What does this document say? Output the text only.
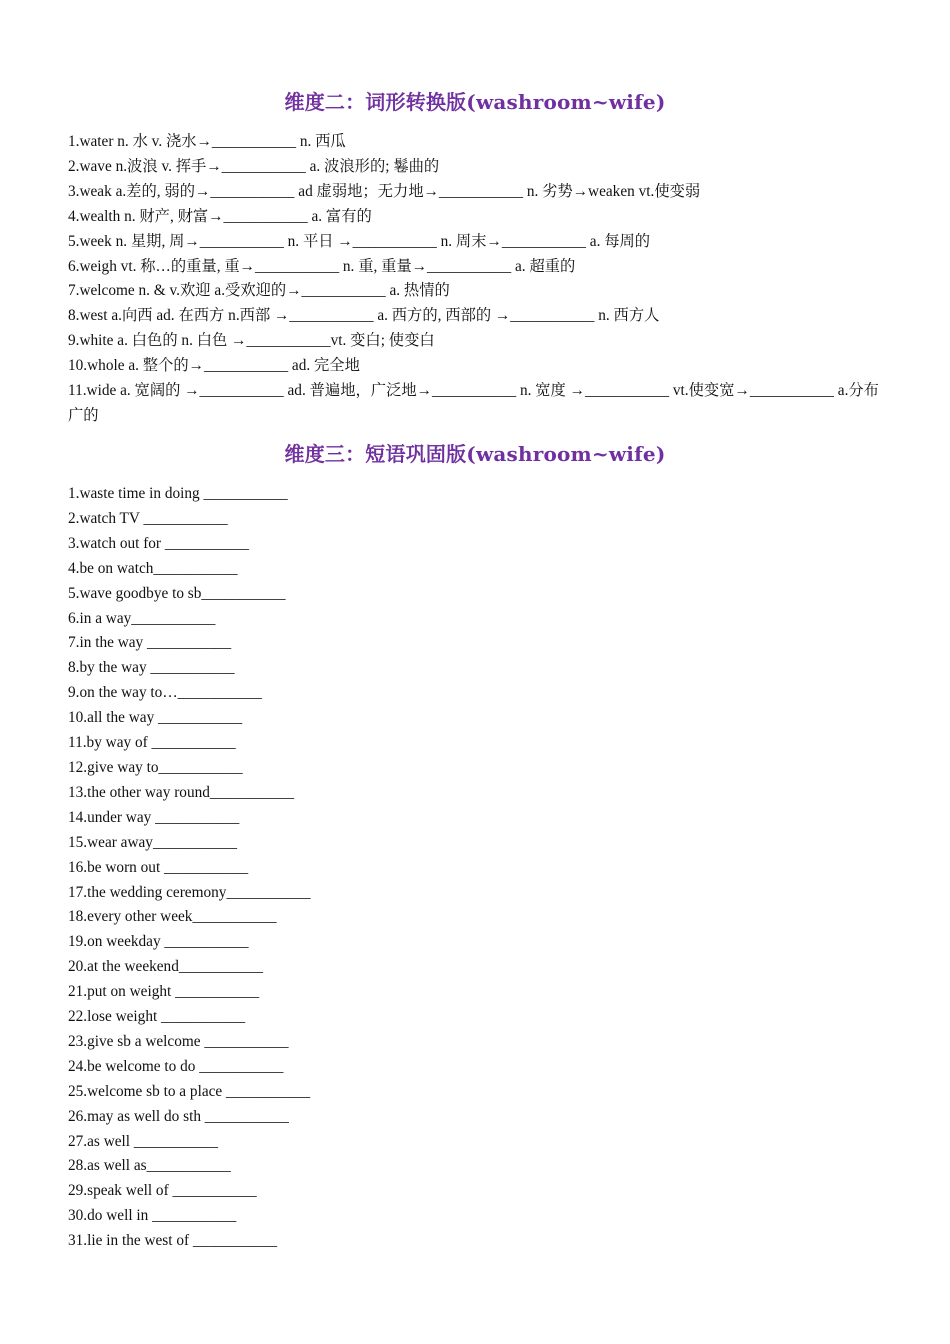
维度二：词形转换版(washroom~wife)
1.water n. 水 v. 浇水→___________ n. 西瓜
2.wave n.波浪 v. 挥手→___________ a. 波浪形的; 鬈曲的
3.weak a.差的, 弱的→___________ ad 虚弱地；无力地→___________ n. 劣势→weaken vt.使变弱
4.wealth n. 财产, 财富→___________ a. 富有的
5.week n. 星期, 周→___________ n. 平日 →___________ n. 周末→___________ a. 每周的
6.weigh vt. 称…的重量, 重→___________ n. 重, 重量→___________ a. 超重的
7.welcome n. & v.欢迎 a.受欢迎的→___________ a. 热情的
8.west a.向西 ad. 在西方 n.西部 →___________ a. 西方的, 西部的 →___________ n. 西方人
9.white a. 白色的 n. 白色 →___________vt. 变白; 使变白
10.whole a. 整个的→___________ ad. 完全地
11.wide a. 宽阔的 →___________ ad. 普遍地，广泛地→___________ n. 宽度 →___________ vt.使变宽→___________ a.分布广的
维度三：短语巩固版(washroom~wife)
1.waste time in doing ___________
2.watch TV ___________
3.watch out for ___________
4.be on watch___________
5.wave goodbye to sb___________
6.in a way___________
7.in the way ___________
8.by the way ___________
9.on the way to…___________
10.all the way ___________
11.by way of ___________
12.give way to___________
13.the other way round___________
14.under way ___________
15.wear away___________
16.be worn out ___________
17.the wedding ceremony___________
18.every other week___________
19.on weekday ___________
20.at the weekend___________
21.put on weight ___________
22.lose weight ___________
23.give sb a welcome ___________
24.be welcome to do ___________
25.welcome sb to a place ___________
26.may as well do sth ___________
27.as well ___________
28.as well as___________
29.speak well of ___________
30.do well in ___________
31.lie in the west of ___________
